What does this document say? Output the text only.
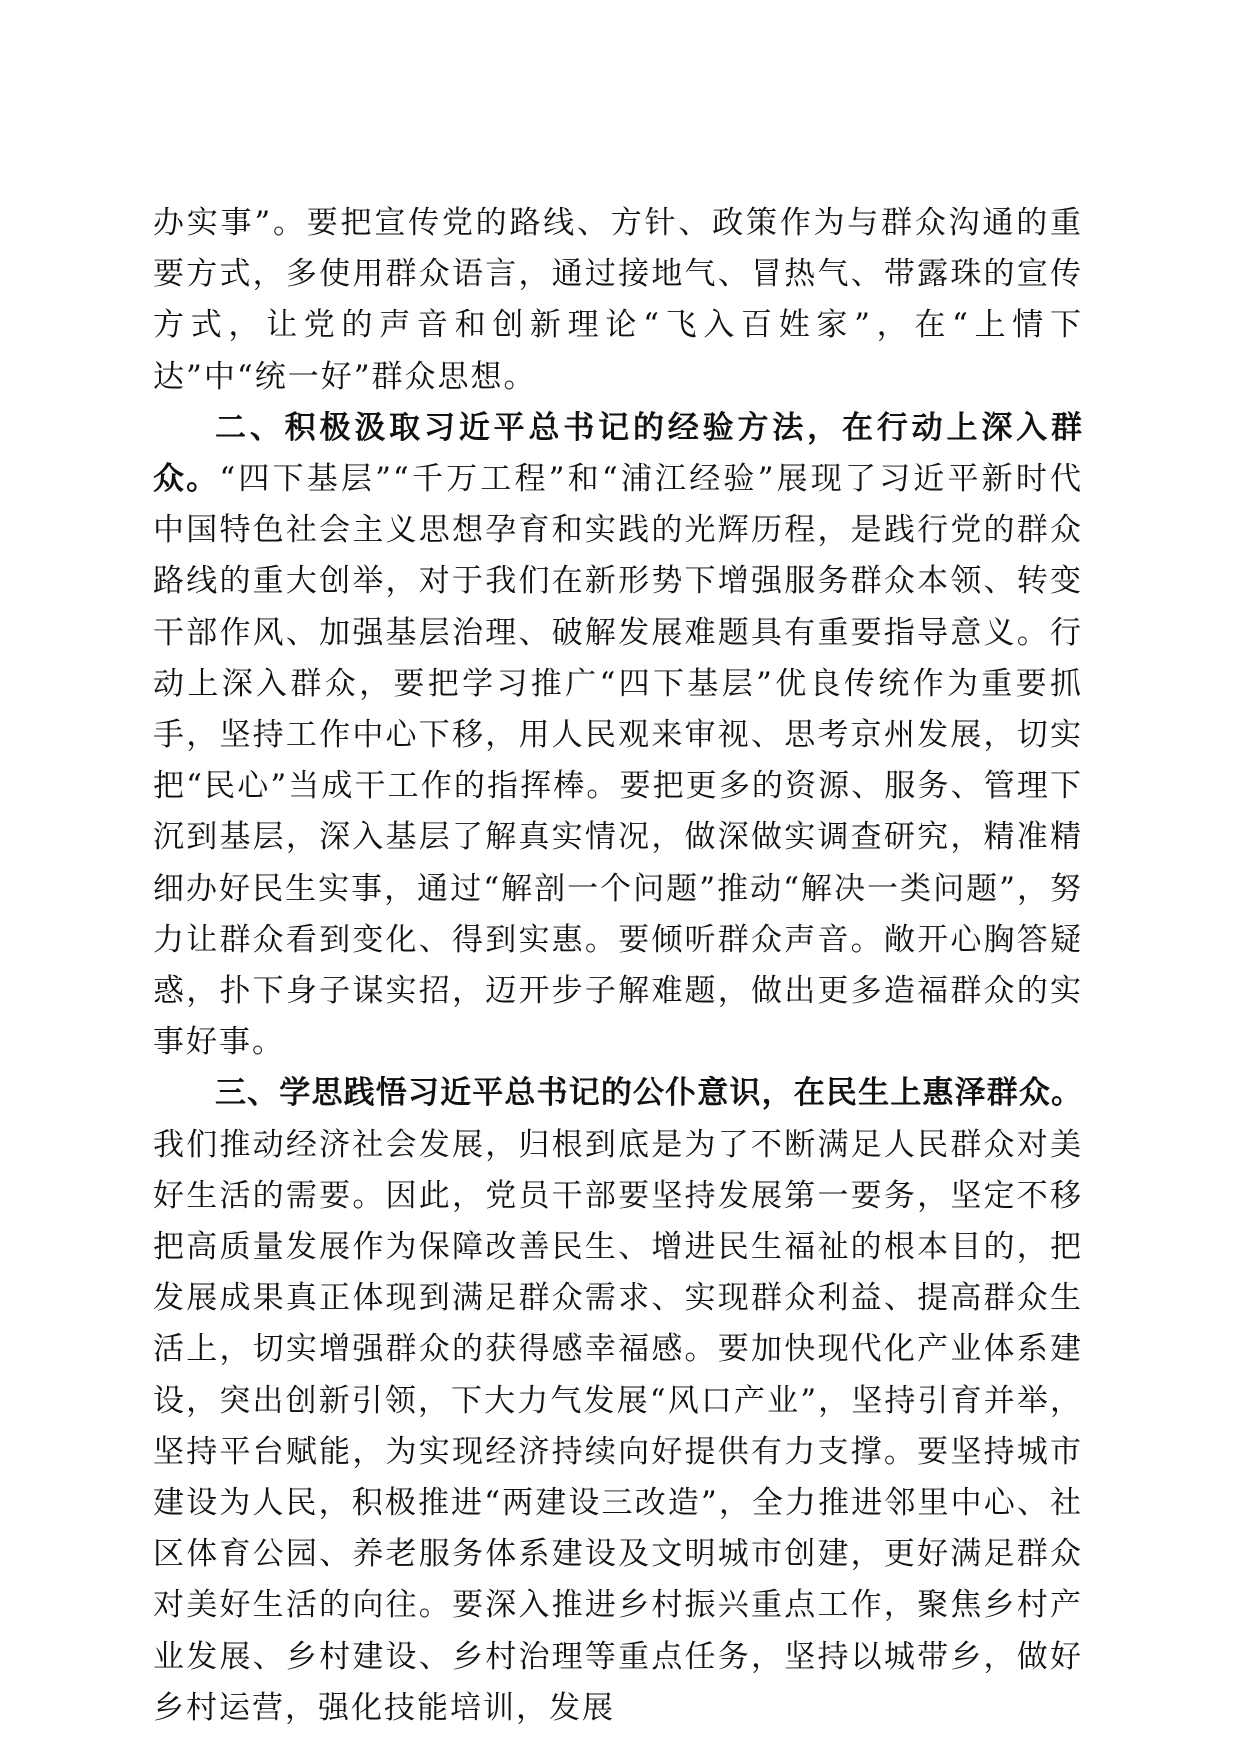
办实事”。要把宣传党的路线、方针、政策作为与群众沟通的重要方式，多使用群众语言，通过接地气、冒热气、带露珠的宣传方式，让党的声音和创新理论“飞入百姓家”，在“上情下达”中“统一好”群众思想。

二、积极汲取习近平总书记的经验方法，在行动上深入群众。“四下基层”“千万工程”和“浦江经验”展现了习近平新时代中国特色社会主义思想孕育和实践的光辉历程，是践行党的群众路线的重大创举，对于我们在新形势下增强服务群众本领、转变干部作风、加强基层治理、破解发展难题具有重要指导意义。行动上深入群众，要把学习推广“四下基层”优良传统作为重要抓手，坚持工作中心下移，用人民观来审视、思考京州发展，切实把“民心”当成干工作的指挥棒。要把更多的资源、服务、管理下沉到基层，深入基层了解真实情况，做深做实调查研究，精准精细办好民生实事，通过“解剖一个问题”推动“解决一类问题”，努力让群众看到变化、得到实惠。要倾听群众声音。敞开心胸答疑惑，扑下身子谋实招，迈开步子解难题，做出更多造福群众的实事好事。

三、学思践悟习近平总书记的公仆意识，在民生上惠泽群众。我们推动经济社会发展，归根到底是为了不断满足人民群众对美好生活的需要。因此，党员干部要坚持发展第一要务，坚定不移把高质量发展作为保障改善民生、增进民生福祉的根本目的，把发展成果真正体现到满足群众需求、实现群众利益、提高群众生活上，切实增强群众的获得感幸福感。要加快现代化产业体系建设，突出创新引领，下大力气发展“风口产业”，坚持引育并举，坚持平台赋能，为实现经济持续向好提供有力支撑。要坚持城市建设为人民，积极推进“两建设三改造”，全力推进邻里中心、社区体育公园、养老服务体系建设及文明城市创建，更好满足群众对美好生活的向往。要深入推进乡村振兴重点工作，聚焦乡村产业发展、乡村建设、乡村治理等重点任务，坚持以城带乡，做好乡村运营，强化技能培训，发展
